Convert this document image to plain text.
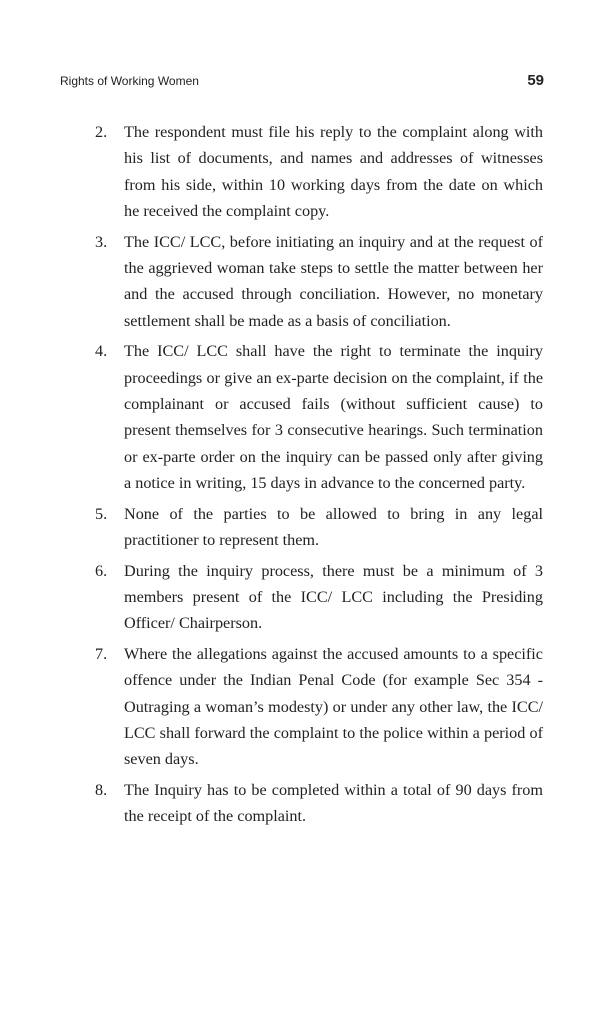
Rights of Working Women	59
2.	The respondent must file his reply to the complaint along with his list of documents, and names and addresses of witnesses from his side, within 10 working days from the date on which he received the complaint copy.
3.	The ICC/ LCC, before initiating an inquiry and at the request of the aggrieved woman take steps to settle the matter between her and the accused through conciliation. However, no monetary settlement shall be made as a basis of conciliation.
4.	The ICC/ LCC shall have the right to terminate the inquiry proceedings or give an ex-parte decision on the complaint, if the complainant or accused fails (without sufficient cause) to present themselves for 3 consecutive hearings. Such termination or ex-parte order on the inquiry can be passed only after giving a notice in writing, 15 days in advance to the concerned party.
5.	None of the parties to be allowed to bring in any legal practitioner to represent them.
6.	During the inquiry process, there must be a minimum of 3 members present of the ICC/ LCC including the Presiding Officer/ Chairperson.
7.	Where the allegations against the accused amounts to a specific offence under the Indian Penal Code (for example Sec 354 - Outraging a woman’s modesty) or under any other law, the ICC/ LCC shall forward the complaint to the police within a period of seven days.
8.	The Inquiry has to be completed within a total of 90 days from the receipt of the complaint.
